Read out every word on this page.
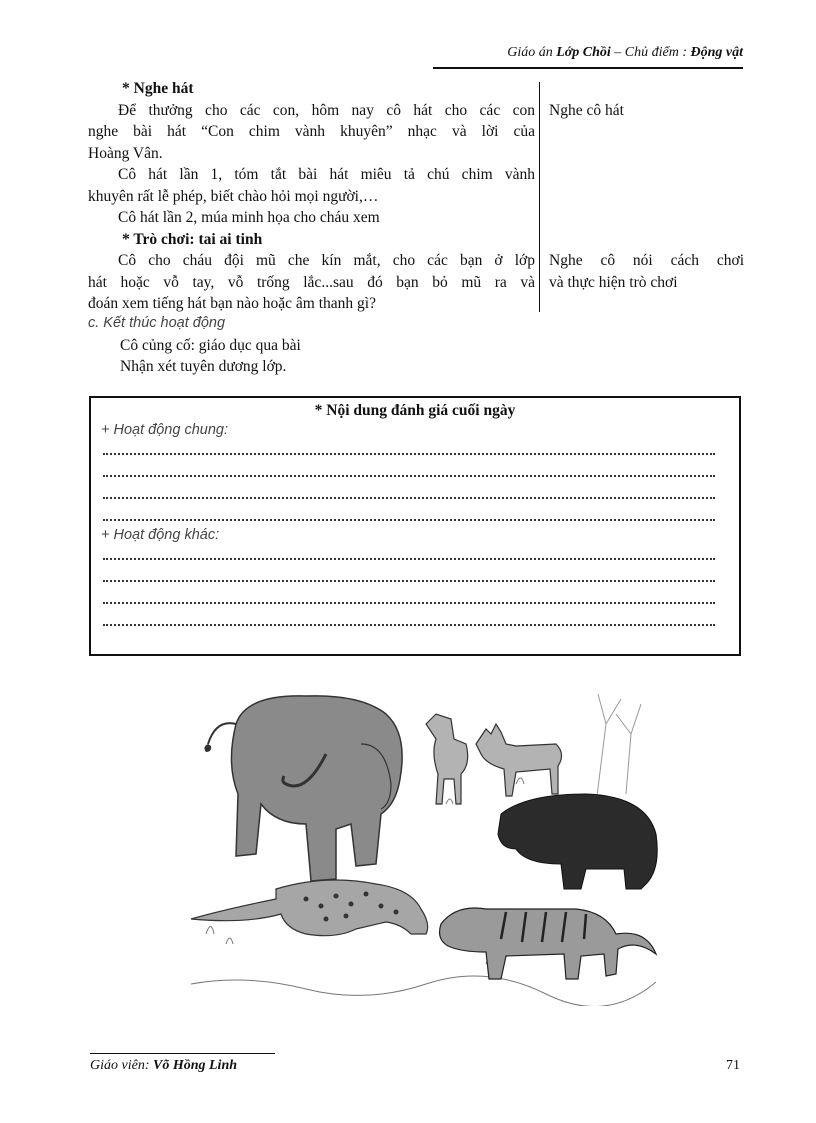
Giáo án Lớp Chồi – Chủ điểm : Động vật

* Nghe hát

Để thưởng cho các con, hôm nay cô hát cho các con

nghe bài hát “Con chim vành khuyên” nhạc và lời của

Hoàng Vân.

Cô hát lần 1, tóm tắt bài hát miêu tả chú chim vành

khuyên rất lễ phép, biết chào hỏi mọi người,…

Cô hát lần 2, múa minh họa cho cháu xem

* Trò chơi: tai ai tinh

Cô cho cháu đội mũ che kín mắt, cho các bạn ở lớp

hát hoặc vỗ tay, vỗ trống lắc...sau đó bạn bỏ mũ ra và

đoán xem tiếng hát bạn nào hoặc âm thanh gì?

Nghe cô hát

Nghe cô nói cách chơi

và thực hiện trò chơi

c. Kết thúc hoạt động

Cô củng cố: giáo dục qua bài

Nhận xét tuyên dương lớp.

* Nội dung đánh giá cuối ngày
+ Hoạt động chung:
+ Hoạt động khác:
Giáo viên: Võ Hồng Linh	71
